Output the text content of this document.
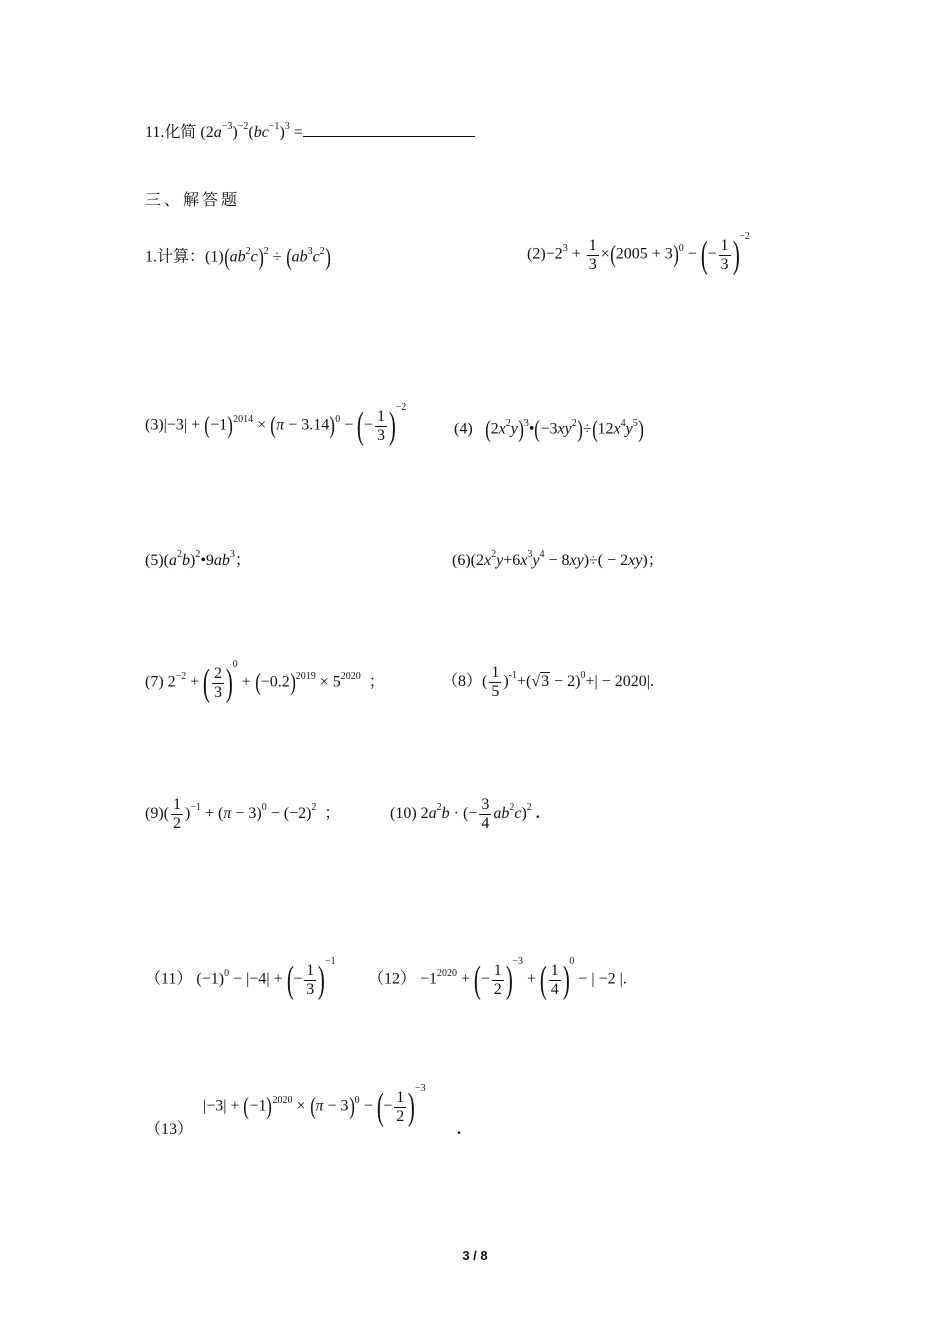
11.化简 $(2a^{-3})^{-2}(bc^{-1})^3$ =
三、解答题
1.计算：$(1)(ab^2c)^2 \div (ab^3c^2)$	$(2)-2^3 + \frac{1}{3} \times(2005 + 3)^0$ − (− $\frac{1}{3} )^{-2}$
$(3)|-3| + (-1)^{2014} \times (\pi - 3.14)^0$ − (− $\frac{1}{3} )^{-2}$
(4) $(2x^2y)^3•(-3xy^2)\div(12x^4y^5)$
$(5)(a^2b)^2•9ab^3$；	$(6)(2x^2y+6x^3y^4 - 8xy)\div( - 2xy)$；
(7) $2^{-2}$ + ( $\frac{2}{3} )^0 + (-0.2)^{2019} \times 5^{2020}$ ；	$(8)( \frac{1}{5} )^{-1}+(√3 - 2)^0+| - 2020|$.
$(9)( \frac{1}{2} )^{-1} + (\pi - 3)^0 - (-2)^2$ ；	(10) $2a^2b$ · (− $\frac{3}{4} ab^2c)^2$ .
（11） $(-1)^0 - |-4|$ + (− $\frac{1}{3} )^{-1}$
$(12) -1^{2020}$ + (− $\frac{1}{2} )^{-3}$ + ( $\frac{1}{4} )^0$ − | −2 |.
（13）
$|-3| + (-1)^{2020} \times (\pi - 3)^0$ − (− $\frac{1}{2} )^{-3}$
.
3 / 8
